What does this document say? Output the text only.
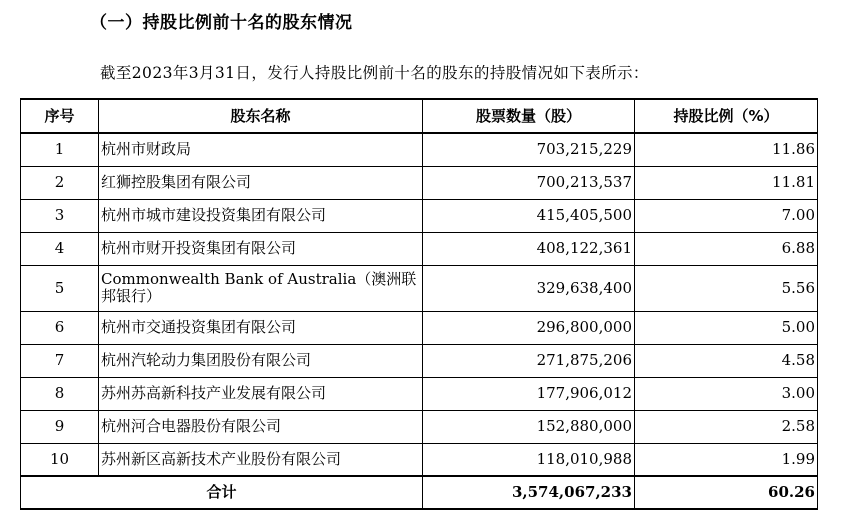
（一）持股比例前十名的股东情况
截至2023年3月31日，发行人持股比例前十名的股东的持股情况如下表所示：
序号	股东名称	股票数量（股）	持股比例（%）
1	杭州市财政局	703,215,229	11.86
2	红狮控股集团有限公司	700,213,537	11.81
3	杭州市城市建设投资集团有限公司	415,405,500	7.00
4	杭州市财开投资集团有限公司	408,122,361	6.88
5	Commonwealth Bank of Australia（澳洲联邦银行）	329,638,400	5.56
6	杭州市交通投资集团有限公司	296,800,000	5.00
7	杭州汽轮动力集团股份有限公司	271,875,206	4.58
8	苏州苏高新科技产业发展有限公司	177,906,012	3.00
9	杭州河合电器股份有限公司	152,880,000	2.58
10	苏州新区高新技术产业股份有限公司	118,010,988	1.99
合计		3,574,067,233	60.26
